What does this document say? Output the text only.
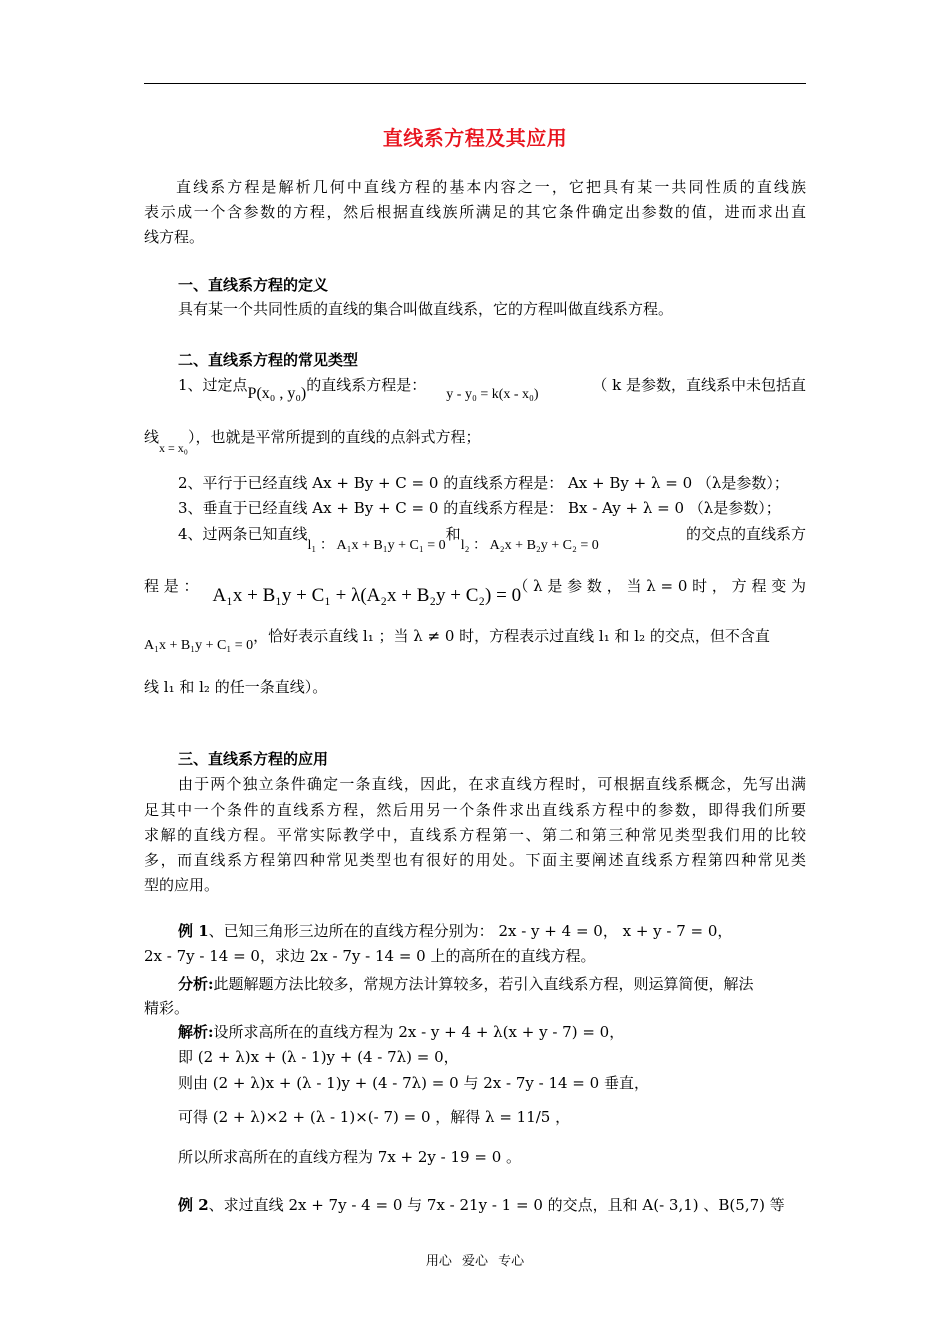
直线系方程及其应用
直线系方程是解析几何中直线方程的基本内容之一，它把具有某一共同性质的直线族
表示成一个含参数的方程，然后根据直线族所满足的其它条件确定出参数的值，进而求出直
线方程。
一、直线系方程的定义
具有某一个共同性质的直线的集合叫做直线系，它的方程叫做直线系方程。
二、直线系方程的常见类型
1、过定点P(x₀ , y₀)的直线系方程是：y - y₀ = k(x - x₀)
（ k 是参数，直线系中未包括直
线$_{x = x_0}$），也就是平常所提到的直线的点斜式方程；
2、平行于已经直线 Ax + By + C = 0 的直线系方程是： Ax + By + λ = 0 （λ是参数）；
3、垂直于已经直线 Ax + By + C = 0 的直线系方程是： Bx - Ay + λ = 0 （λ是参数）；
4、过两条已知直线l₁ ： A₁x + B₁y + C₁ = 0和l₂ ： A₂x + B₂y + C₂ = 0
的交点的直线系方
程 是 ： A₁x + B₁y + C₁ + λ(A₂x + B₂y + C₂) = 0
（ λ 是 参 数 ， 当 λ = 0 时 ， 方 程 变 为
A₁x + B₁y + C₁ = 0，恰好表示直线 l₁ ；当 λ ≠ 0 时，方程表示过直线 l₁ 和 l₂ 的交点，但不含直
线 l₁ 和 l₂ 的任一条直线）。
三、直线系方程的应用
由于两个独立条件确定一条直线，因此，在求直线方程时，可根据直线系概念，先写出满
足其中一个条件的直线系方程，然后用另一个条件求出直线系方程中的参数，即得我们所要
求解的直线方程。平常实际教学中，直线系方程第一、第二和第三种常见类型我们用的比较
多，而直线系方程第四种常见类型也有很好的用处。下面主要阐述直线系方程第四种常见类
型的应用。
例 1、已知三角形三边所在的直线方程分别为： 2x - y + 4 = 0， x + y - 7 = 0，
2x - 7y - 14 = 0，求边 2x - 7y - 14 = 0 上的高所在的直线方程。
分析:此题解题方法比较多，常规方法计算较多，若引入直线系方程，则运算简便，解法
精彩。
解析:设所求高所在的直线方程为 2x - y + 4 + λ(x + y - 7) = 0，
即 (2 + λ)x + (λ - 1)y + (4 - 7λ) = 0，
则由 (2 + λ)x + (λ - 1)y + (4 - 7λ) = 0 与 2x - 7y - 14 = 0 垂直，
可得 (2 + λ)×2 + (λ - 1)×(- 7) = 0 ，解得 λ = 11/5 ，
所以所求高所在的直线方程为 7x + 2y - 19 = 0 。
例 2、求过直线 2x + 7y - 4 = 0 与 7x - 21y - 1 = 0 的交点，且和 A(- 3,1) 、B(5,7) 等
用心 爱心 专心
